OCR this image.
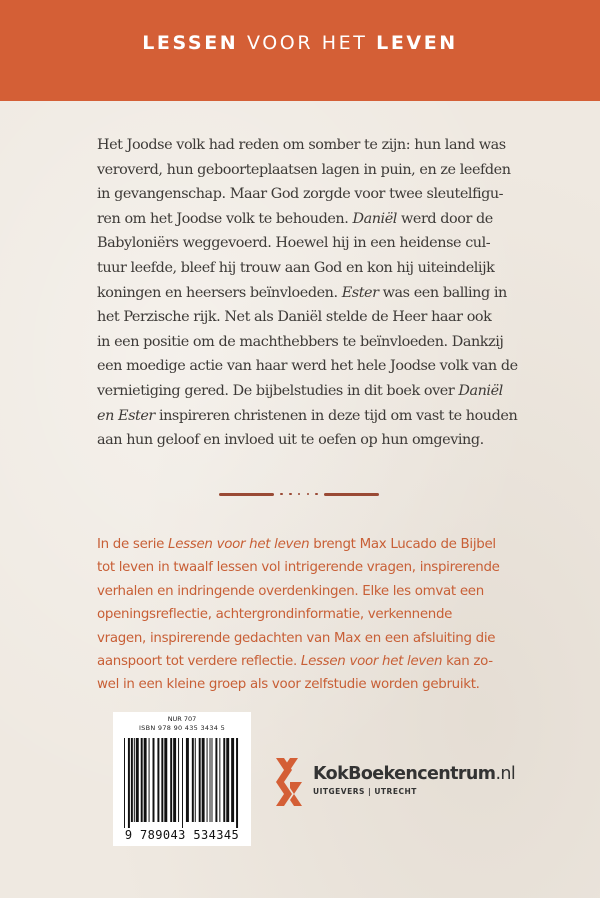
LESSEN VOOR HET LEVEN

Het Joodse volk had reden om somber te zijn: hun land was
veroverd, hun geboorteplaatsen lagen in puin, en ze leefden
in gevangenschap. Maar God zorgde voor twee sleutelfigu-
ren om het Joodse volk te behouden. Daniël werd door de
Babyloniërs weggevoerd. Hoewel hij in een heidense cul-
tuur leefde, bleef hij trouw aan God en kon hij uiteindelijk
koningen en heersers beïnvloeden. Ester was een balling in
het Perzische rijk. Net als Daniël stelde de Heer haar ook
in een positie om de machthebbers te beïnvloeden. Dankzij
een moedige actie van haar werd het hele Joodse volk van de
vernietiging gered. De bijbelstudies in dit boek over Daniël
en Ester inspireren christenen in deze tijd om vast te houden
aan hun geloof en invloed uit te oefen op hun omgeving.

In de serie Lessen voor het leven brengt Max Lucado de Bijbel
tot leven in twaalf lessen vol intrigerende vragen, inspirerende
verhalen en indringende overdenkingen. Elke les omvat een
openingsreflectie, achtergrondinformatie, verkennende
vragen, inspirerende gedachten van Max en een afsluiting die
aanspoort tot verdere reflectie. Lessen voor het leven kan zo-
wel in een kleine groep als voor zelfstudie worden gebruikt.

NUR 707
ISBN 978 90 435 3434 5
9 789043 534345
KokBoekencentrum.nl
UITGEVERS | UTRECHT
